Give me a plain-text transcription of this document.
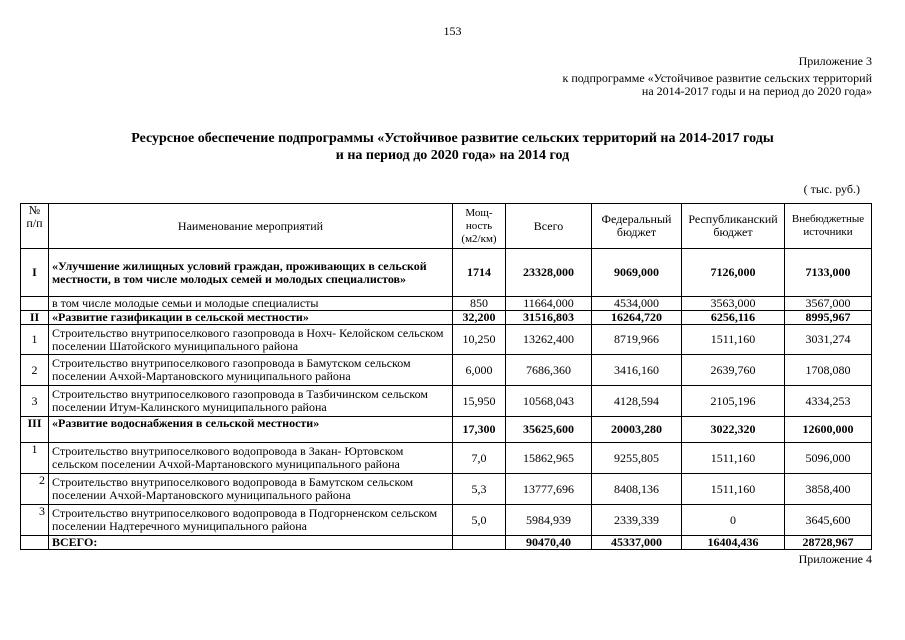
153
Приложение 3
к подпрограмме «Устойчивое развитие сельских территорий
на 2014-2017 годы и на период до 2020 года»
Ресурсное обеспечение подпрограммы «Устойчивое развитие сельских территорий на 2014-2017 годы
и на период до 2020 года» на 2014 год
( тыс. руб.)
№ п/п	Наименование мероприятий	Мощ- ность (м2/км)	Всего	Федеральный бюджет	Республиканский бюджет	Внебюджетные источники
I	«Улучшение жилищных условий граждан, проживающих в сельской местности, в том числе молодых семей и молодых специалистов»	1714	23328,000	9069,000	7126,000	7133,000
	в том числе молодые семьи и молодые специалисты	850	11664,000	4534,000	3563,000	3567,000
II	«Развитие газификации в сельской местности»	32,200	31516,803	16264,720	6256,116	8995,967
1	Строительство внутрипоселкового газопровода в Нохч- Келойском сельском поселении Шатойского муниципального района	10,250	13262,400	8719,966	1511,160	3031,274
2	Строительство внутрипоселкового газопровода в Бамутском сельском поселении Ачхой-Мартановского муниципального района	6,000	7686,360	3416,160	2639,760	1708,080
3	Строительство внутрипоселкового газопровода в Тазбичинском сельском поселении Итум-Калинского муниципального района	15,950	10568,043	4128,594	2105,196	4334,253
III	«Развитие водоснабжения в сельской местности»	17,300	35625,600	20003,280	3022,320	12600,000
1	Строительство внутрипоселкового водопровода в Закан- Юртовском сельском поселении Ачхой-Мартановского муниципального района	7,0	15862,965	9255,805	1511,160	5096,000
2	Строительство внутрипоселкового водопровода в Бамутском сельском поселении Ачхой-Мартановского муниципального района	5,3	13777,696	8408,136	1511,160	3858,400
3	Строительство внутрипоселкового водопровода в Подгорненском сельском поселении Надтеречного муниципального района	5,0	5984,939	2339,339	0	3645,600
	ВСЕГО:		90470,40	45337,000	16404,436	28728,967
Приложение 4
